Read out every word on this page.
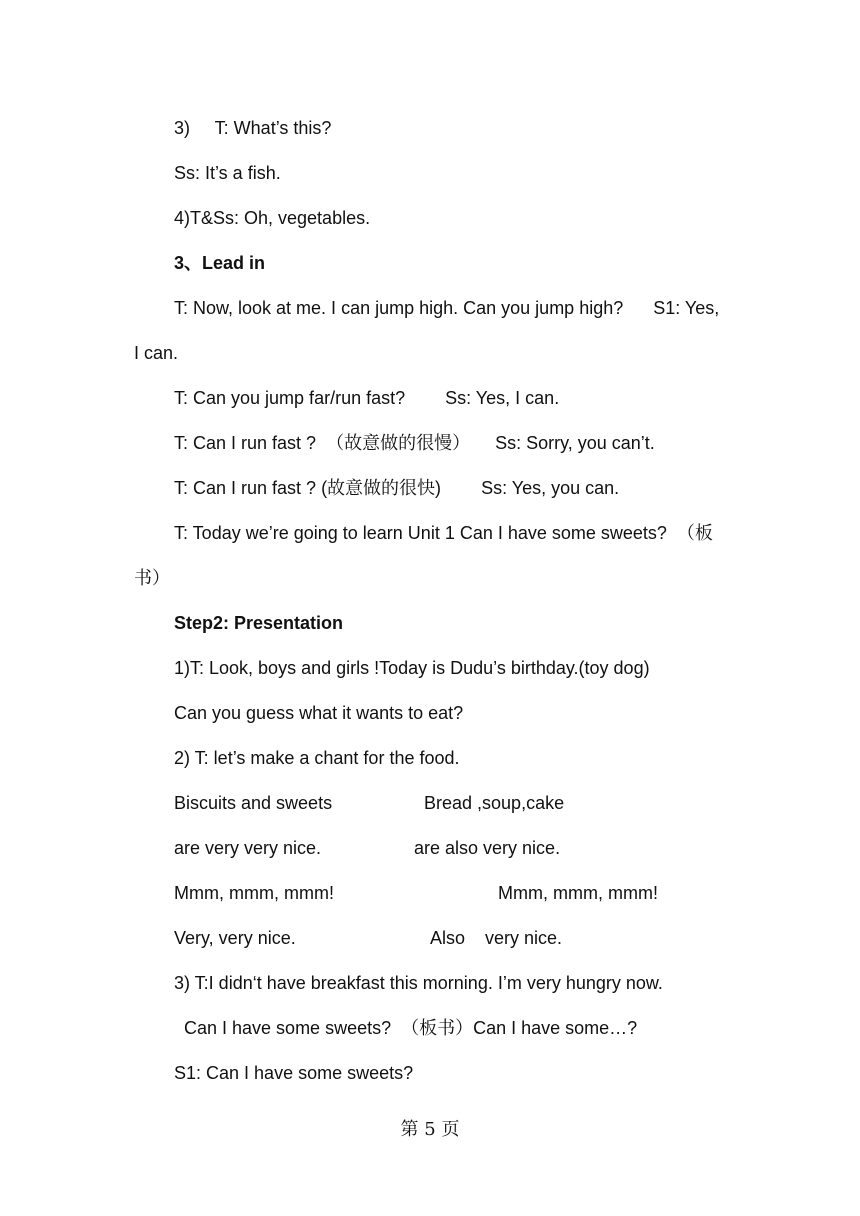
3)     T: What’s this?
Ss: It’s a fish.
4)T&Ss: Oh, vegetables.
3、Lead in
T: Now, look at me. I can jump high. Can you jump high?      S1: Yes,
I can.
T: Can you jump far/run fast?        Ss: Yes, I can.
T: Can I run fast ?  （故意做的很慢）     Ss: Sorry, you can’t.
T: Can I run fast ? (故意做的很快)        Ss: Yes, you can.
T: Today we’re going to learn Unit 1 Can I have some sweets?  （板
书）
Step2: Presentation
1)T: Look, boys and girls !Today is Dudu’s birthday.(toy dog)
Can you guess what it wants to eat?
2) T: let’s make a chant for the food.
Biscuits and sweets	Bread ,soup,cake
are very very nice.	are also very nice.
Mmm, mmm, mmm!	Mmm, mmm, mmm!
Very, very nice.	Also    very nice.
3) T:I didn‘t have breakfast this morning. I’m very hungry now.
Can I have some sweets?  （板书）Can I have some…?
S1: Can I have some sweets?
第 5 页
